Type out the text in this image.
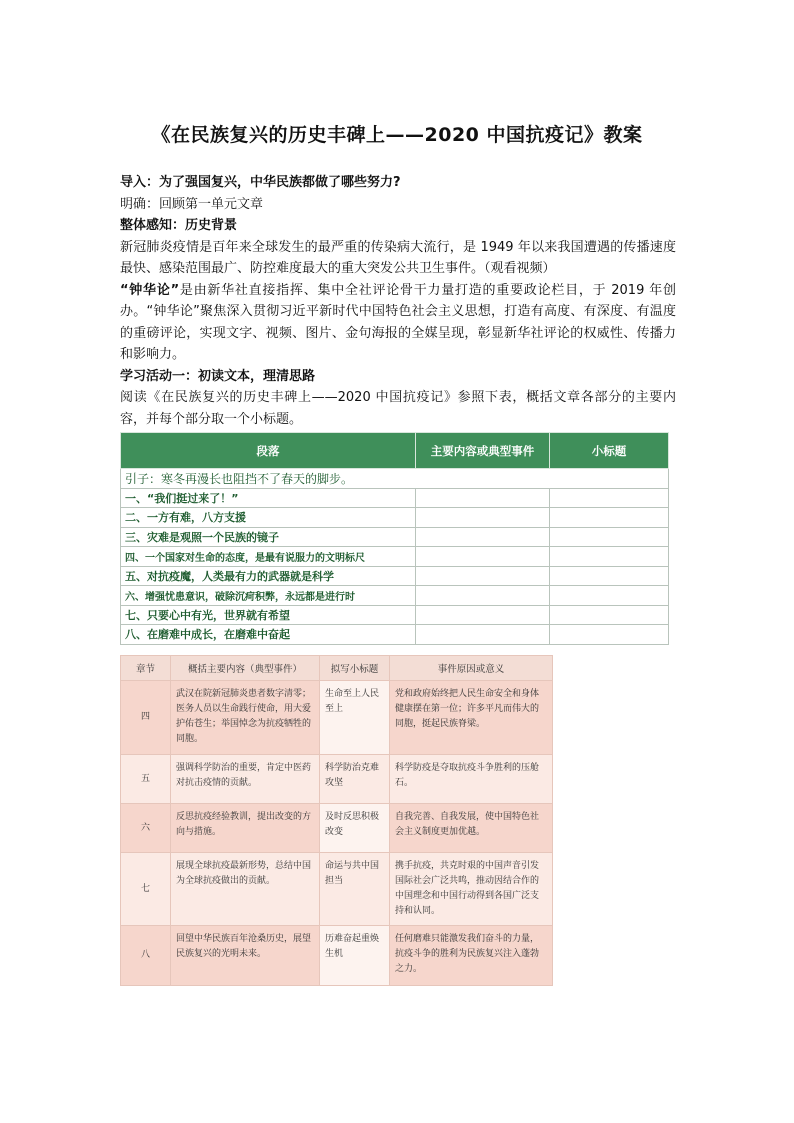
《在民族复兴的历史丰碑上——2020 中国抗疫记》教案
导入：为了强国复兴，中华民族都做了哪些努力?
明确：回顾第一单元文章
整体感知：历史背景
新冠肺炎疫情是百年来全球发生的最严重的传染病大流行，是 1949 年以来我国遭遇的传播速度最快、感染范围最广、防控难度最大的重大突发公共卫生事件。（观看视频）
“钟华论”是由新华社直接指挥、集中全社评论骨干力量打造的重要政论栏目，于 2019 年创办。“钟华论”聚焦深入贯彻习近平新时代中国特色社会主义思想，打造有高度、有深度、有温度的重磅评论，实现文字、视频、图片、金句海报的全媒呈现，彰显新华社评论的权威性、传播力和影响力。
学习活动一：初读文本，理清思路
阅读《在民族复兴的历史丰碑上——2020 中国抗疫记》参照下表，概括文章各部分的主要内容，并每个部分取一个小标题。
段落	主要内容或典型事件	小标题
引子：寒冬再漫长也阻挡不了春天的脚步。		
一、“我们挺过来了！”		
二、一方有难，八方支援		
三、灾难是观照一个民族的镜子		
四、一个国家对生命的态度，是最有说服力的文明标尺		
五、对抗疫魔，人类最有力的武器就是科学		
六、增强忧患意识，破除沉疴积弊，永远都是进行时		
七、只要心中有光，世界就有希望		
八、在磨难中成长，在磨难中奋起		
章节	概括主要内容（典型事件）	拟写小标题	事件原因或意义
四	武汉在院新冠肺炎患者数字清零；医务人员以生命践行使命，用大爱护佑苍生；举国悼念为抗疫牺牲的同胞。	生命至上人民至上	党和政府始终把人民生命安全和身体健康摆在第一位；许多平凡而伟大的同胞，挺起民族脊梁。
五	强调科学防治的重要，肯定中医药对抗击疫情的贡献。	科学防治克难攻坚	科学防疫是夺取抗疫斗争胜利的压舱石。
六	反思抗疫经验教训，提出改变的方向与措施。	及时反思积极改变	自我完善、自我发展，使中国特色社会主义制度更加优越。
七	展现全球抗疫最新形势，总结中国为全球抗疫做出的贡献。	命运与共中国担当	携手抗疫，共克时艰的中国声音引发国际社会广泛共鸣，推动因结合作的中国理念和中国行动得到各国广泛支持和认同。
八	回望中华民族百年沧桑历史，展望民族复兴的光明未来。	历难奋起重焕生机	任何磨难只能激发我们奋斗的力量，抗疫斗争的胜利为民族复兴注入蓬勃之力。
